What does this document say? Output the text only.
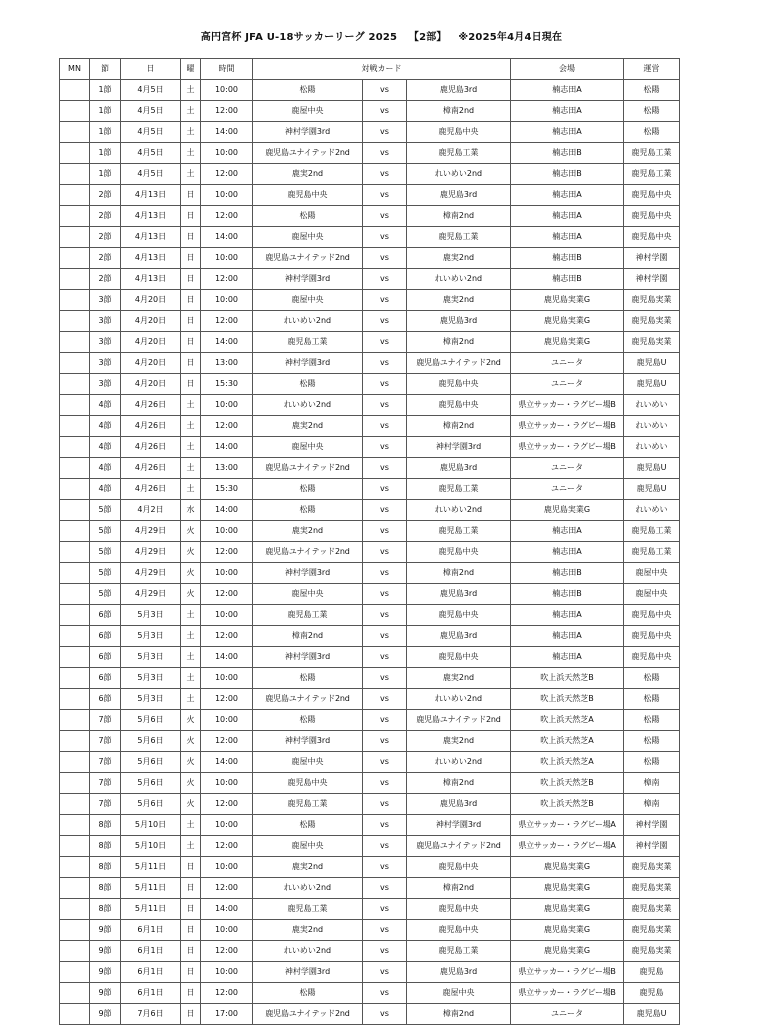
高円宮杯 JFA U-18サッカーリーグ 2025 【2部】 ※2025年4月4日現在
MN	節	日	曜	時間	対戦カード			会場	運営
	1節	4月5日	土	10:00	松陽	vs	鹿児島3rd	楠志田A	松陽
	1節	4月5日	土	12:00	鹿屋中央	vs	樟南2nd	楠志田A	松陽
	1節	4月5日	土	14:00	神村学園3rd	vs	鹿児島中央	楠志田A	松陽
	1節	4月5日	土	10:00	鹿児島ユナイテッド2nd	vs	鹿児島工業	楠志田B	鹿児島工業
	1節	4月5日	土	12:00	鹿実2nd	vs	れいめい2nd	楠志田B	鹿児島工業
	2節	4月13日	日	10:00	鹿児島中央	vs	鹿児島3rd	楠志田A	鹿児島中央
	2節	4月13日	日	12:00	松陽	vs	樟南2nd	楠志田A	鹿児島中央
	2節	4月13日	日	14:00	鹿屋中央	vs	鹿児島工業	楠志田A	鹿児島中央
	2節	4月13日	日	10:00	鹿児島ユナイテッド2nd	vs	鹿実2nd	楠志田B	神村学園
	2節	4月13日	日	12:00	神村学園3rd	vs	れいめい2nd	楠志田B	神村学園
	3節	4月20日	日	10:00	鹿屋中央	vs	鹿実2nd	鹿児島実業G	鹿児島実業
	3節	4月20日	日	12:00	れいめい2nd	vs	鹿児島3rd	鹿児島実業G	鹿児島実業
	3節	4月20日	日	14:00	鹿児島工業	vs	樟南2nd	鹿児島実業G	鹿児島実業
	3節	4月20日	日	13:00	神村学園3rd	vs	鹿児島ユナイテッド2nd	ユニータ	鹿児島U
	3節	4月20日	日	15:30	松陽	vs	鹿児島中央	ユニータ	鹿児島U
	4節	4月26日	土	10:00	れいめい2nd	vs	鹿児島中央	県立サッカー・ラグビー場B	れいめい
	4節	4月26日	土	12:00	鹿実2nd	vs	樟南2nd	県立サッカー・ラグビー場B	れいめい
	4節	4月26日	土	14:00	鹿屋中央	vs	神村学園3rd	県立サッカー・ラグビー場B	れいめい
	4節	4月26日	土	13:00	鹿児島ユナイテッド2nd	vs	鹿児島3rd	ユニータ	鹿児島U
	4節	4月26日	土	15:30	松陽	vs	鹿児島工業	ユニータ	鹿児島U
	5節	4月2日	水	14:00	松陽	vs	れいめい2nd	鹿児島実業G	れいめい
	5節	4月29日	火	10:00	鹿実2nd	vs	鹿児島工業	楠志田A	鹿児島工業
	5節	4月29日	火	12:00	鹿児島ユナイテッド2nd	vs	鹿児島中央	楠志田A	鹿児島工業
	5節	4月29日	火	10:00	神村学園3rd	vs	樟南2nd	楠志田B	鹿屋中央
	5節	4月29日	火	12:00	鹿屋中央	vs	鹿児島3rd	楠志田B	鹿屋中央
	6節	5月3日	土	10:00	鹿児島工業	vs	鹿児島中央	楠志田A	鹿児島中央
	6節	5月3日	土	12:00	樟南2nd	vs	鹿児島3rd	楠志田A	鹿児島中央
	6節	5月3日	土	14:00	神村学園3rd	vs	鹿児島中央	楠志田A	鹿児島中央
	6節	5月3日	土	10:00	松陽	vs	鹿実2nd	吹上浜天然芝B	松陽
	6節	5月3日	土	12:00	鹿児島ユナイテッド2nd	vs	れいめい2nd	吹上浜天然芝B	松陽
	7節	5月6日	火	10:00	松陽	vs	鹿児島ユナイテッド2nd	吹上浜天然芝A	松陽
	7節	5月6日	火	12:00	神村学園3rd	vs	鹿実2nd	吹上浜天然芝A	松陽
	7節	5月6日	火	14:00	鹿屋中央	vs	れいめい2nd	吹上浜天然芝A	松陽
	7節	5月6日	火	10:00	鹿児島中央	vs	樟南2nd	吹上浜天然芝B	樟南
	7節	5月6日	火	12:00	鹿児島工業	vs	鹿児島3rd	吹上浜天然芝B	樟南
	8節	5月10日	土	10:00	松陽	vs	神村学園3rd	県立サッカー・ラグビー場A	神村学園
	8節	5月10日	土	12:00	鹿屋中央	vs	鹿児島ユナイテッド2nd	県立サッカー・ラグビー場A	神村学園
	8節	5月11日	日	10:00	鹿実2nd	vs	鹿児島中央	鹿児島実業G	鹿児島実業
	8節	5月11日	日	12:00	れいめい2nd	vs	樟南2nd	鹿児島実業G	鹿児島実業
	8節	5月11日	日	14:00	鹿児島工業	vs	鹿児島中央	鹿児島実業G	鹿児島実業
	9節	6月1日	日	10:00	鹿実2nd	vs	鹿児島中央	鹿児島実業G	鹿児島実業
	9節	6月1日	日	12:00	れいめい2nd	vs	鹿児島工業	鹿児島実業G	鹿児島実業
	9節	6月1日	日	10:00	神村学園3rd	vs	鹿児島3rd	県立サッカー・ラグビー場B	鹿児島
	9節	6月1日	日	12:00	松陽	vs	鹿屋中央	県立サッカー・ラグビー場B	鹿児島
	9節	7月6日	日	17:00	鹿児島ユナイテッド2nd	vs	樟南2nd	ユニータ	鹿児島U
